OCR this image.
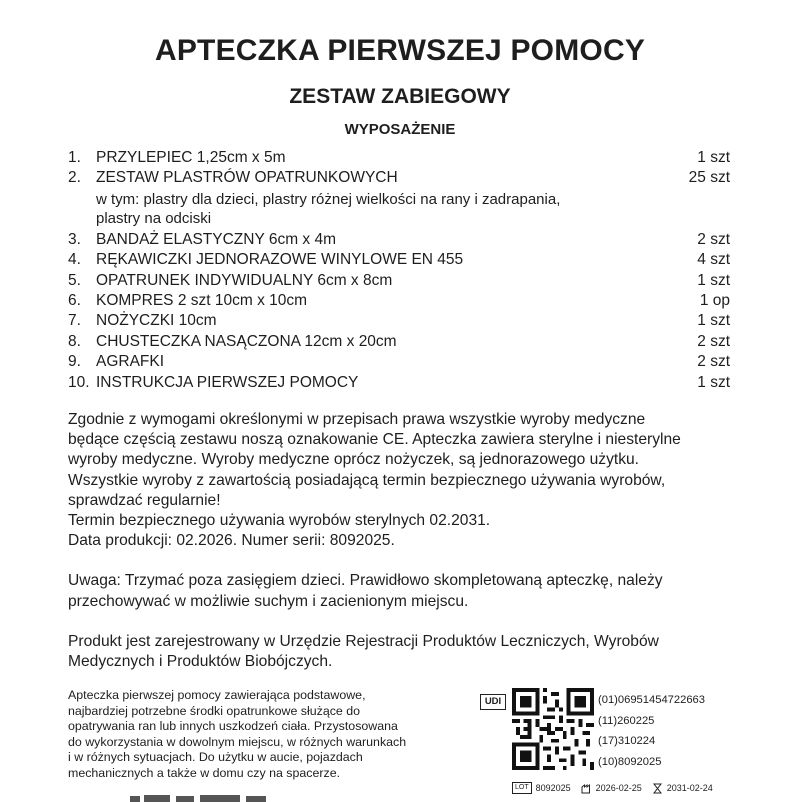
APTECZKA PIERWSZEJ POMOCY
ZESTAW ZABIEGOWY
WYPOSAŻENIE
1. PRZYLEPIEC 1,25cm x 5m	1 szt
2. ZESTAW PLASTRÓW OPATRUNKOWYCH	25 szt
w tym: plastry dla dzieci, plastry różnej wielkości na rany i zadrapania,
plastry na odciski
3. BANDAŻ ELASTYCZNY 6cm x 4m	2 szt
4. RĘKAWICZKI JEDNORAZOWE WINYLOWE EN 455	4 szt
5. OPATRUNEK INDYWIDUALNY 6cm x 8cm	1 szt
6. KOMPRES 2 szt 10cm x 10cm	1 op
7. NOŻYCZKI 10cm	1 szt
8. CHUSTECZKA NASĄCZONA 12cm x 20cm	2 szt
9. AGRAFKI	2 szt
10. INSTRUKCJA PIERWSZEJ POMOCY	1 szt
Zgodnie z wymogami określonymi w przepisach prawa wszystkie wyroby medyczne
będące częścią zestawu noszą oznakowanie CE. Apteczka zawiera sterylne i niesterylne
wyroby medyczne. Wyroby medyczne oprócz nożyczek, są jednorazowego użytku.
Wszystkie wyroby z zawartością posiadającą termin bezpiecznego używania wyrobów,
sprawdzać regularnie!
Termin bezpiecznego używania wyrobów sterylnych 02.2031.
Data produkcji: 02.2026. Numer serii: 8092025.
Uwaga: Trzymać poza zasięgiem dzieci. Prawidłowo skompletowaną apteczkę, należy
przechowywać w możliwie suchym i zacienionym miejscu.
Produkt jest zarejestrowany w Urzędzie Rejestracji Produktów Leczniczych, Wyrobów
Medycznych i Produktów Biobójczych.
Apteczka pierwszej pomocy zawierająca podstawowe,
najbardziej potrzebne środki opatrunkowe służące do
opatrywania ran lub innych uszkodzeń ciała. Przystosowana
do wykorzystania w dowolnym miejscu, w różnych warunkach
i w różnych sytuacjach. Do użytku w aucie, pojazdach
mechanicznych a także w domu czy na spacerze.
UDI	(01)06951454722663
(11)260225
(17)310224
(10)8092025
LOT 8092025	2026-02-25	2031-02-24
